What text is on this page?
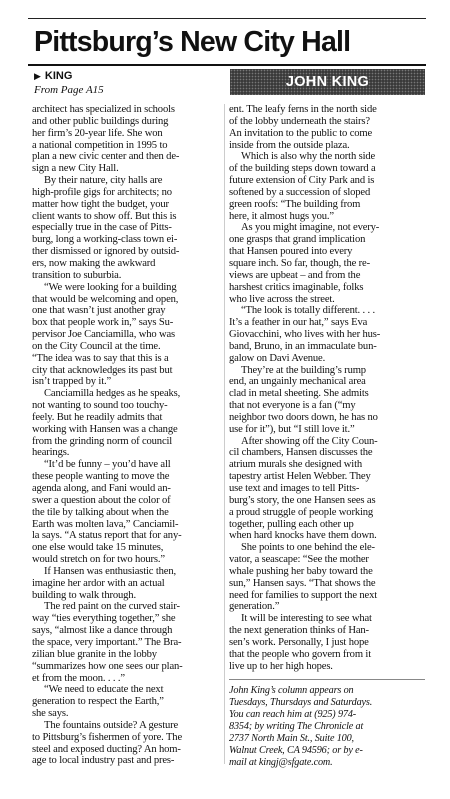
Pittsburg’s New City Hall
▶ KING
From Page A15	JOHN KING

architect has specialized in schools

and other public buildings during

her firm’s 20-year life. She won

a national competition in 1995 to

plan a new civic center and then de-

sign a new City Hall.

By their nature, city halls are

high-profile gigs for architects; no

matter how tight the budget, your

client wants to show off. But this is

especially true in the case of Pitts-

burg, long a working-class town ei-

ther dismissed or ignored by outsid-

ers, now making the awkward

transition to suburbia.

“We were looking for a building

that would be welcoming and open,

one that wasn’t just another gray

box that people work in,” says Su-

pervisor Joe Canciamilla, who was

on the City Council at the time.

“The idea was to say that this is a

city that acknowledges its past but

isn’t trapped by it.”

Canciamilla hedges as he speaks,

not wanting to sound too touchy-

feely. But he readily admits that

working with Hansen was a change

from the grinding norm of council

hearings.

“It’d be funny – you’d have all

these people wanting to move the

agenda along, and Fani would an-

swer a question about the color of

the tile by talking about when the

Earth was molten lava,” Canciamil-

la says. “A status report that for any-

one else would take 15 minutes,

would stretch on for two hours.”

If Hansen was enthusiastic then,

imagine her ardor with an actual

building to walk through.

The red paint on the curved stair-

way “ties everything together,” she

says, “almost like a dance through

the space, very important.” The Bra-

zilian blue granite in the lobby

“summarizes how one sees our plan-

et from the moon. . . .”

“We need to educate the next

generation to respect the Earth,”

she says.

The fountains outside? A gesture

to Pittsburg’s fishermen of yore. The

steel and exposed ducting? An hom-

age to local industry past and pres-

ent. The leafy ferns in the north side

of the lobby underneath the stairs?

An invitation to the public to come

inside from the outside plaza.

Which is also why the north side

of the building steps down toward a

future extension of City Park and is

softened by a succession of sloped

green roofs: “The building from

here, it almost hugs you.”

As you might imagine, not every-

one grasps that grand implication

that Hansen poured into every

square inch. So far, though, the re-

views are upbeat – and from the

harshest critics imaginable, folks

who live across the street.

“The look is totally different. . . .

It’s a feather in our hat,” says Eva

Giovacchini, who lives with her hus-

band, Bruno, in an immaculate bun-

galow on Davi Avenue.

They’re at the building’s rump

end, an ungainly mechanical area

clad in metal sheeting. She admits

that not everyone is a fan (“my

neighbor two doors down, he has no

use for it”), but “I still love it.”

After showing off the City Coun-

cil chambers, Hansen discusses the

atrium murals she designed with

tapestry artist Helen Webber. They

use text and images to tell Pitts-

burg’s story, the one Hansen sees as

a proud struggle of people working

together, pulling each other up

when hard knocks have them down.

She points to one behind the ele-

vator, a seascape: “See the mother

whale pushing her baby toward the

sun,” Hansen says. “That shows the

need for families to support the next

generation.”

It will be interesting to see what

the next generation thinks of Han-

sen’s work. Personally, I just hope

that the people who govern from it

live up to her high hopes.

John King’s column appears on

Tuesdays, Thursdays and Saturdays.

You can reach him at (925) 974-

8354; by writing The Chronicle at

2737 North Main St., Suite 100,

Walnut Creek, CA 94596; or by e-

mail at kingj@sfgate.com.
